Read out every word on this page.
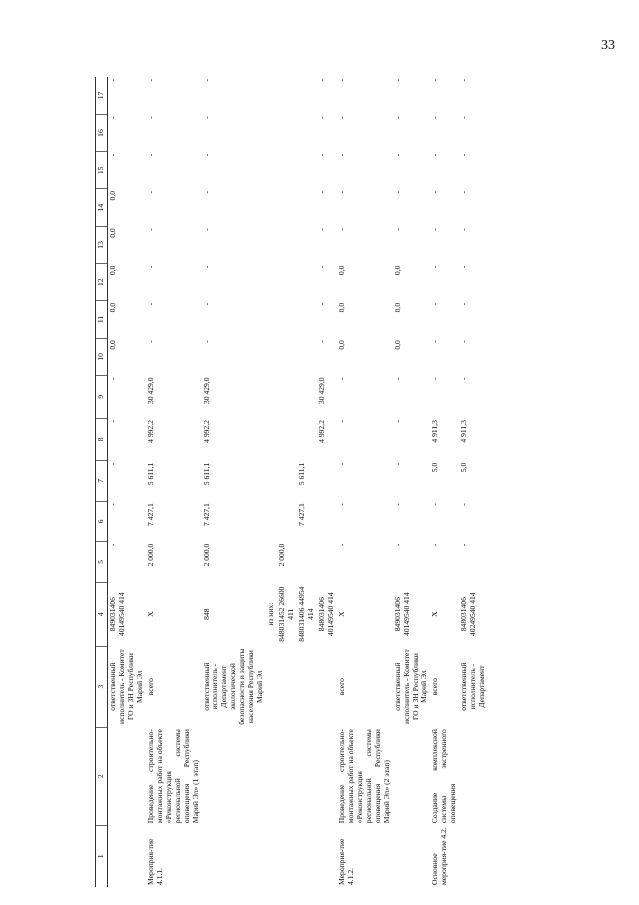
33
1	2	3	4	5	6	7	8	9	10	11	12	13	14	15	16	17
		ответственный исполнитель - Комитет ГО и ЗН Республики Марий Эл	849031406 40149540 414	-	-	-	-	-	0,0	0,0	0,0	0,0	0,0	-	-	-
Мероприя-тие 4.1.1.	Проведение строительно-монтажных работ на объекте «Реконструкция региональной системы оповещения Республики Марий Эл» (1 этап)	всего	Х	2 000,0	7 427,1	5 611,1	4 992,2	30 429,0	-	-	-	-	-	-	-	-
		ответственный исполнитель - Департамент экологической безопасности и защиты населения Республики Марий Эл	848	2 000,0	7 427,1	5 611,1	4 992,2	30 429,0	-	-	-	-	-	-	-	-
			из них:													
			848031452 26600 411	2 000,0												
			848031406 44954 414		7 427,1	5 611,1										
			848031406 40149540 414				4 992,2	30 429,0	-	-	-	-	-	-	-	-
Мероприя-тие 4.1.2.	Проведение строительно-монтажных работ на объекте «Реконструкция региональной системы оповещения Республики Марий Эл» (2 этап)	всего	Х	-	-	-	-	-	0,0	0,0	0,0	-	-	-	-	-
		ответственный исполнитель - Комитет ГО и ЗН Республики Марий Эл	849031406 40149540 414	-	-	-	-	-	0,0	0,0	0,0	-	-	-	-	-
Основное мероприя-тие 4.2.	Создание комплексной системы экстренного оповещения	всего	Х	-	-	5,0	4 911,3	-	-	-	-	-	-	-	-	-
		ответственный исполнитель - Департамент	848031406 40249540 414	-	-	5,0	4 911,3	-	-	-	-	-	-	-	-	-
